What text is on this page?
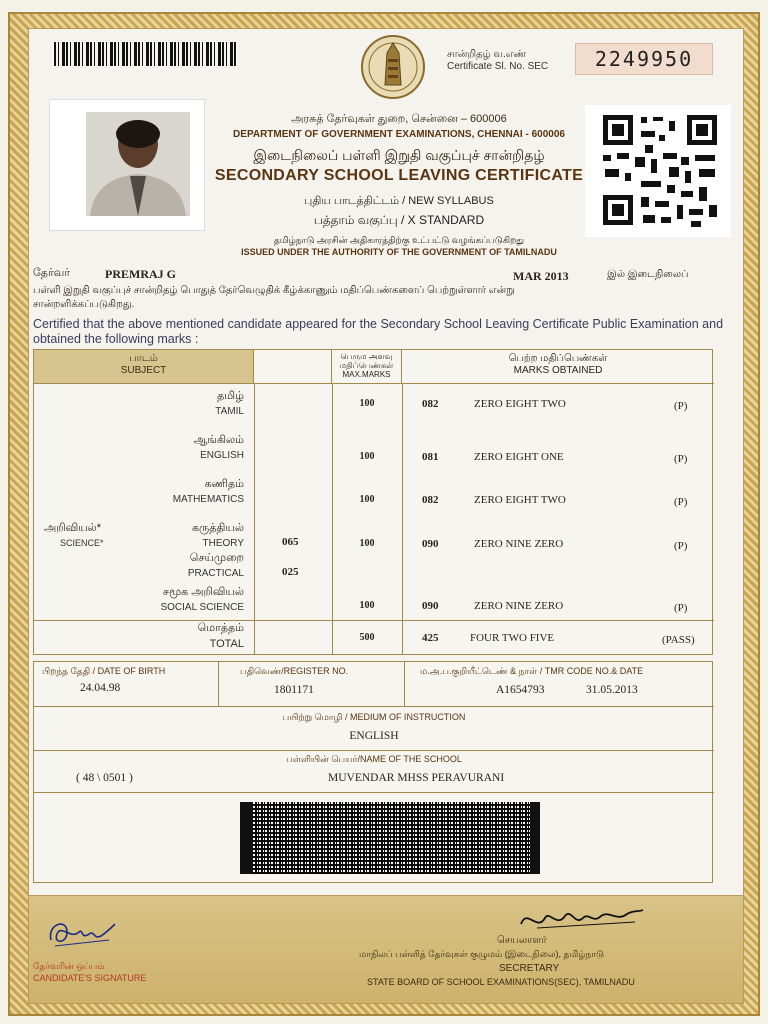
சான்றிதழ் வ.எண்
Certificate Sl. No. SEC	2249950
அரசுத் தேர்வுகள் துறை, சென்னை – 600006
DEPARTMENT OF GOVERNMENT EXAMINATIONS, CHENNAI - 600006
இடைநிலைப் பள்ளி இறுதி வகுப்புச் சான்றிதழ்
SECONDARY SCHOOL LEAVING CERTIFICATE
புதிய பாடத்திட்டம் / NEW SYLLABUS
பத்தாம் வகுப்பு / X STANDARD
தமிழ்நாடு அரசின் அதிகாரத்திற்கு உட்பட்டு வழங்கப்படுகிறது
ISSUED UNDER THE AUTHORITY OF THE GOVERNMENT OF TAMILNADU
தேர்வர்	PREMRAJ G	MAR 2013	இல் இடைநிலைப்
பள்ளி இறுதி வகுப்புச் சான்றிதழ் பொதுத் தேர்வெழுதிக் கீழ்க்காணும் மதிப்பெண்களைப் பெற்றுள்ளார் என்று
சான்றளிக்கப்படுகிறது.
Certified that the above mentioned candidate appeared for the Secondary School Leaving Certificate Public Examination and obtained the following marks :
பாடம்
SUBJECT
பெரும அளவு
மதிப்பெண்கள்
MAX.MARKS
பெற்ற மதிப்பெண்கள்
MARKS OBTAINED
தமிழ்
TAMIL
100	082	ZERO EIGHT TWO	(P)
ஆங்கிலம்
ENGLISH	100	081	ZERO EIGHT ONE	(P)
கணிதம்
MATHEMATICS	100	082	ZERO EIGHT TWO	(P)
அறிவியல்*
SCIENCE*
கருத்தியல்
THEORY	065	100	090	ZERO NINE ZERO	(P)
செய்முறை
PRACTICAL	025
சமூக அறிவியல்
SOCIAL SCIENCE	100	090	ZERO NINE ZERO	(P)
மொத்தம்
TOTAL
500	425	FOUR TWO FIVE	(PASS)
பிறந்த தேதி / DATE OF BIRTH
24.04.98
பதிவெண்/REGISTER NO.
1801171
ம.அ.ப.குறியீட்டெண் & நாள் / TMR CODE NO.& DATE
A1654793	31.05.2013
பயிற்று மொழி / MEDIUM OF INSTRUCTION
ENGLISH
பள்ளியின் பெயர்/NAME OF THE SCHOOL
( 48 \ 0501 )	MUVENDAR MHSS PERAVURANI
தேர்வரின் ஒப்பம்
CANDIDATE'S SIGNATURE
செயலாளர்
மாநிலப் பள்ளித் தேர்வுகள் குழுமம் (இடைநிலை), தமிழ்நாடு
SECRETARY
STATE BOARD OF SCHOOL EXAMINATIONS(SEC), TAMILNADU
